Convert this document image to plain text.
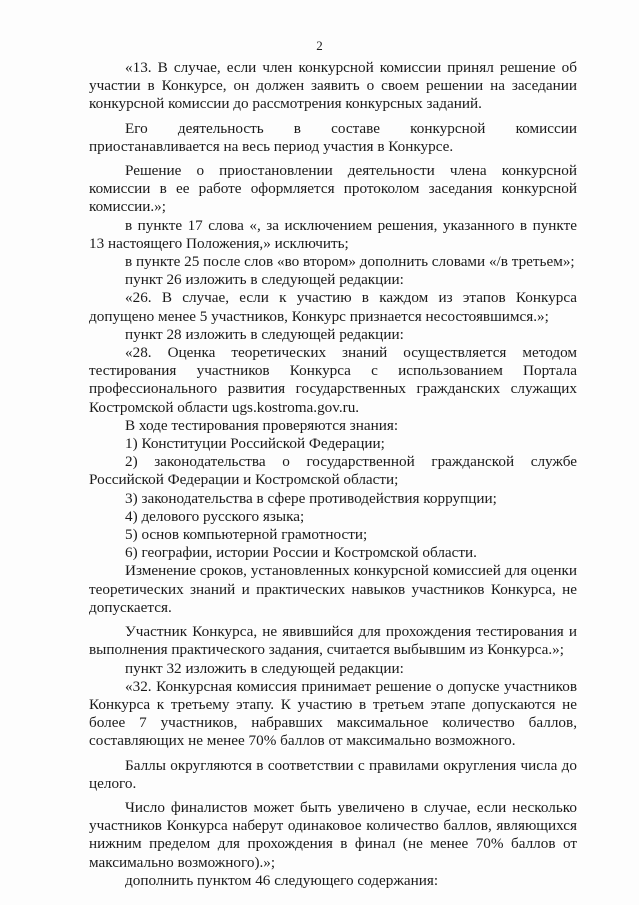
2

«13. В случае, если член конкурсной комиссии принял решение об участии в Конкурсе, он должен заявить о своем решении на заседании конкурсной комиссии до рассмотрения конкурсных заданий.

Его деятельность в составе конкурсной комиссии приостанавливается на весь период участия в Конкурсе.

Решение о приостановлении деятельности члена конкурсной комиссии в ее работе оформляется протоколом заседания конкурсной комиссии.»;

в пункте 17 слова «, за исключением решения, указанного в пункте 13 настоящего Положения,» исключить;

в пункте 25 после слов «во втором» дополнить словами «/в третьем»;

пункт 26 изложить в следующей редакции:

«26. В случае, если к участию в каждом из этапов Конкурса допущено менее 5 участников, Конкурс признается несостоявшимся.»;

пункт 28 изложить в следующей редакции:

«28. Оценка теоретических знаний осуществляется методом тестирования участников Конкурса с использованием Портала профессионального развития государственных гражданских служащих Костромской области ugs.kostroma.gov.ru.

В ходе тестирования проверяются знания:

1) Конституции Российской Федерации;

2) законодательства о государственной гражданской службе Российской Федерации и Костромской области;

3) законодательства в сфере противодействия коррупции;

4) делового русского языка;

5) основ компьютерной грамотности;

6) географии, истории России и Костромской области.

Изменение сроков, установленных конкурсной комиссией для оценки теоретических знаний и практических навыков участников Конкурса, не допускается.

Участник Конкурса, не явившийся для прохождения тестирования и выполнения практического задания, считается выбывшим из Конкурса.»;

пункт 32 изложить в следующей редакции:

«32. Конкурсная комиссия принимает решение о допуске участников Конкурса к третьему этапу. К участию в третьем этапе допускаются не более 7 участников, набравших максимальное количество баллов, составляющих не менее 70% баллов от максимально возможного.

Баллы округляются в соответствии с правилами округления числа до целого.

Число финалистов может быть увеличено в случае, если несколько участников Конкурса наберут одинаковое количество баллов, являющихся нижним пределом для прохождения в финал (не менее 70% баллов от максимально возможного).»;

дополнить пунктом 46 следующего содержания:
